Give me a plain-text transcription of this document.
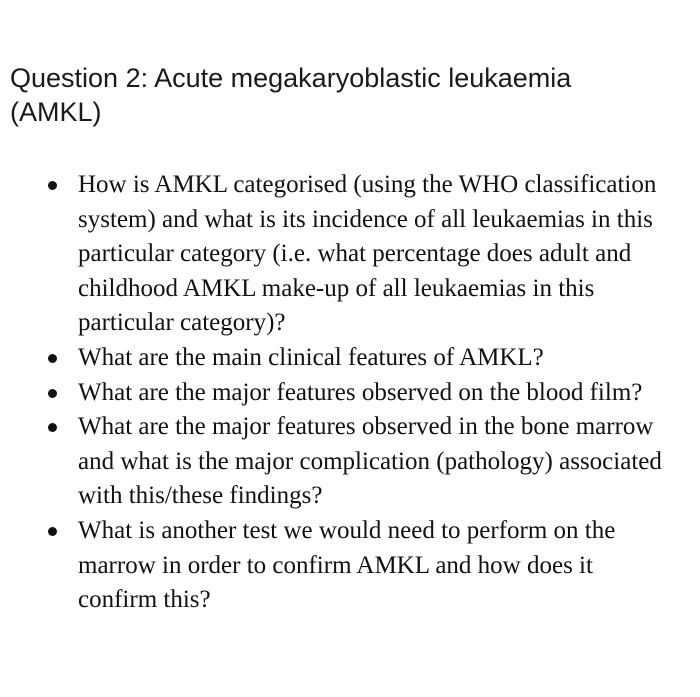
Question 2: Acute megakaryoblastic leukaemia (AMKL)
How is AMKL categorised (using the WHO classification system) and what is its incidence of all leukaemias in this particular category (i.e. what percentage does adult and childhood AMKL make-up of all leukaemias in this particular category)?
What are the main clinical features of AMKL?
What are the major features observed on the blood film?
What are the major features observed in the bone marrow and what is the major complication (pathology) associated with this/these findings?
What is another test we would need to perform on the marrow in order to confirm AMKL and how does it confirm this?
